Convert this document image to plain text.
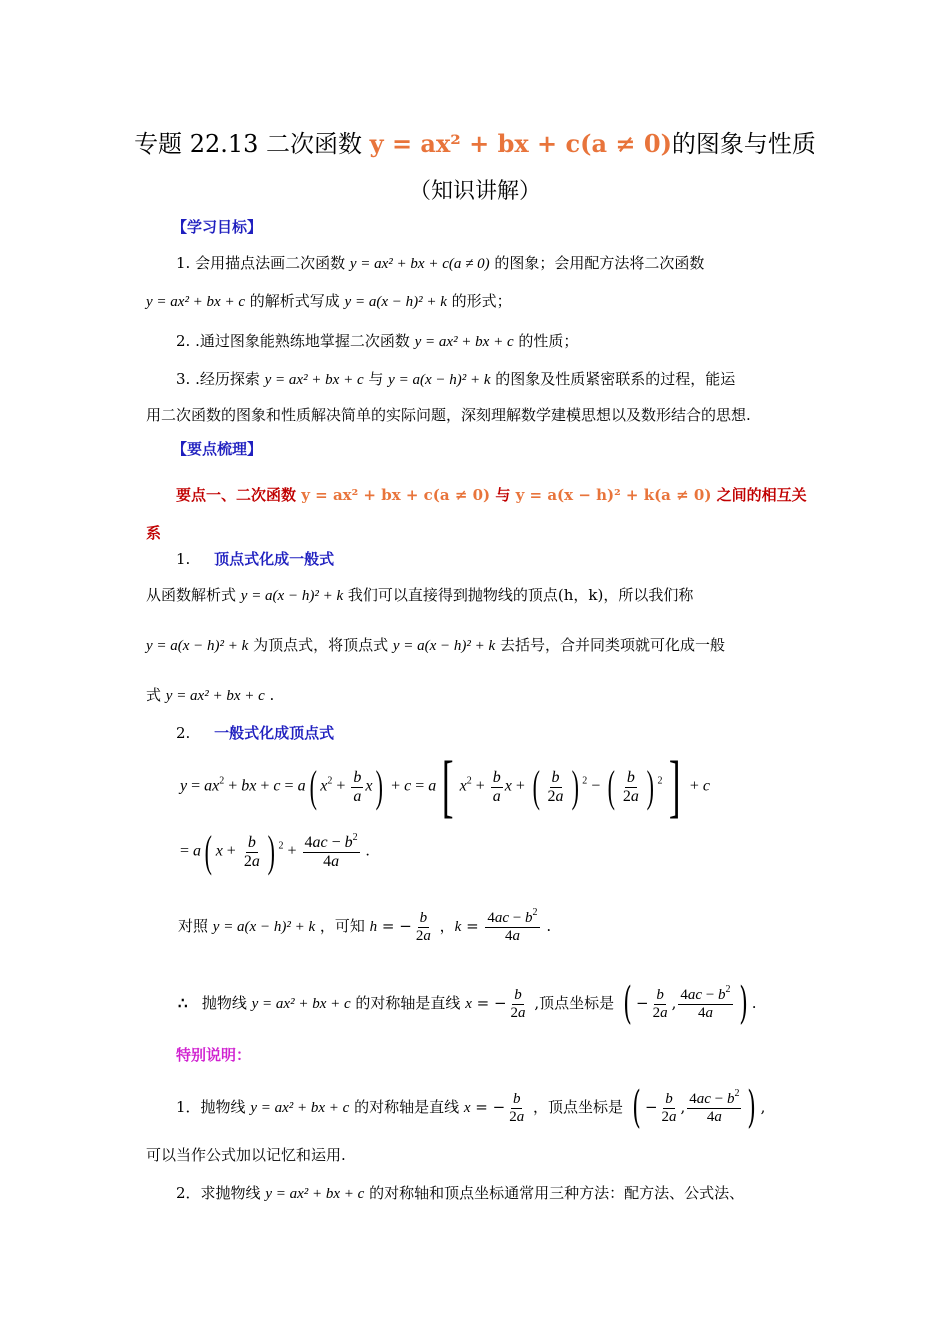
专题 22.13 二次函数 y = ax² + bx + c(a ≠ 0)的图象与性质
（知识讲解）
【学习目标】
1. 会用描点法画二次函数 y = ax² + bx + c(a ≠ 0) 的图象；会用配方法将二次函数
y = ax² + bx + c 的解析式写成 y = a(x − h)² + k 的形式；
2. .通过图象能熟练地掌握二次函数 y = ax² + bx + c 的性质；
3. .经历探索 y = ax² + bx + c 与 y = a(x − h)² + k 的图象及性质紧密联系的过程，能运
用二次函数的图象和性质解决简单的实际问题，深刻理解数学建模思想以及数形结合的思想.
【要点梳理】
要点一、二次函数 y = ax² + bx + c(a ≠ 0) 与 y = a(x − h)² + k(a ≠ 0) 之间的相互关
系
1. 顶点式化成一般式
从函数解析式 y = a(x − h)² + k 我们可以直接得到抛物线的顶点(h，k)，所以我们称
y = a(x − h)² + k 为顶点式，将顶点式 y = a(x − h)² + k 去括号，合并同类项就可化成一般
式 y = ax² + bx + c .
2. 一般式化成顶点式
$y = ax^2$ + bx + c = a( $x^2 + \frac{b}{a} x) + c = a$[ $x^2 + \frac{b}{a}$ x + ( $\frac{b}{2a}$ ) $^2$ − ( $\frac{b}{2a}$ ) $^2$] + c
= a( $x + \frac{b}{2a}$ ) $^2 + \frac{4ac - b^2}{4a}$ .
对照 y = a(x − h)² + k ，可知 h = − $\frac{b}{2a}$ ，$k = \frac{4ac - b^2}{4a}$ .
∴ 抛物线 y = ax² + bx + c 的对称轴是直线 x = − $\frac{b}{2a}$ ,顶点坐标是 ( − $\frac{b}{2a}$ , $\frac{4ac - b^2}{4a}$ ) .
特别说明：
1．抛物线 y = ax² + bx + c 的对称轴是直线 x = − $\frac{b}{2a}$ ，顶点坐标是 ( − $\frac{b}{2a}$ , $\frac{4ac - b^2}{4a}$ ) ,
可以当作公式加以记忆和运用.
2．求抛物线 y = ax² + bx + c 的对称轴和顶点坐标通常用三种方法：配方法、公式法、
